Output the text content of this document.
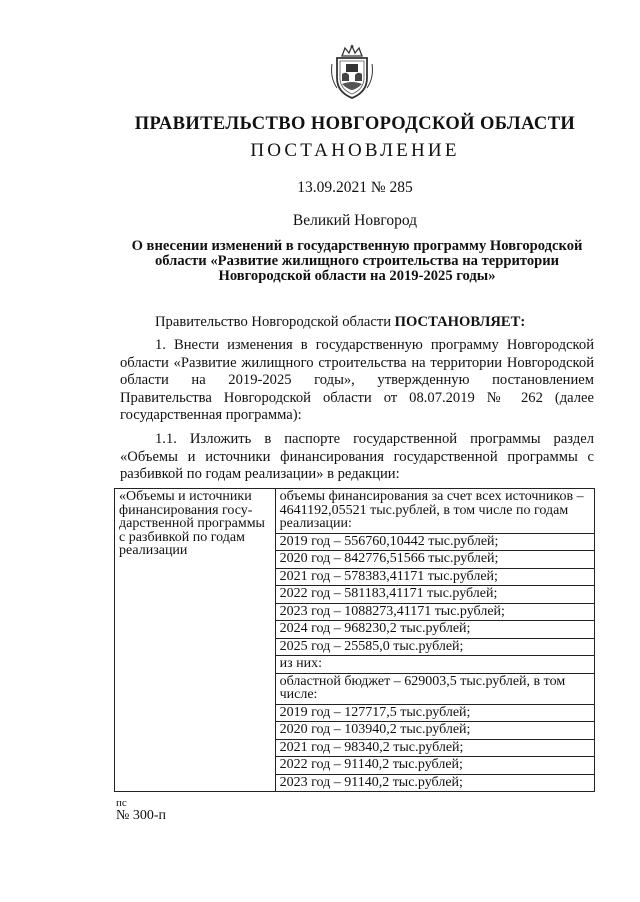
ПРАВИТЕЛЬСТВО НОВГОРОДСКОЙ ОБЛАСТИ
ПОСТАНОВЛЕНИЕ
13.09.2021 № 285
Великий Новгород
О внесении изменений в государственную программу Новгородской области «Развитие жилищного строительства на территории Новгородской области на 2019-2025 годы»
Правительство Новгородской области ПОСТАНОВЛЯЕТ:
1. Внести изменения в государственную программу Новгородской области «Развитие жилищного строительства на территории Новгородской области на 2019-2025 годы», утвержденную постановлением Правительства Новгородской области от 08.07.2019 № 262 (далее государственная программа):
1.1. Изложить в паспорте государственной программы раздел «Объемы и источники финансирования государственной программы с разбивкой по годам реализации» в редакции:
«Объемы и источники финансирования госу-дарственной программы с разбивкой по годам реализации	объемы финансирования за счет всех источников – 4641192,05521 тыс.рублей, в том числе по годам реализации:
2019 год – 556760,10442 тыс.рублей;
2020 год – 842776,51566 тыс.рублей;
2021 год – 578383,41171 тыс.рублей;
2022 год – 581183,41171 тыс.рублей;
2023 год – 1088273,41171 тыс.рублей;
2024 год – 968230,2 тыс.рублей;
2025 год – 25585,0 тыс.рублей;
из них:
областной бюджет – 629003,5 тыс.рублей, в том числе:
2019 год – 127717,5 тыс.рублей;
2020 год – 103940,2 тыс.рублей;
2021 год – 98340,2 тыс.рублей;
2022 год – 91140,2 тыс.рублей;
2023 год – 91140,2 тыс.рублей;
пс
№ 300-п
